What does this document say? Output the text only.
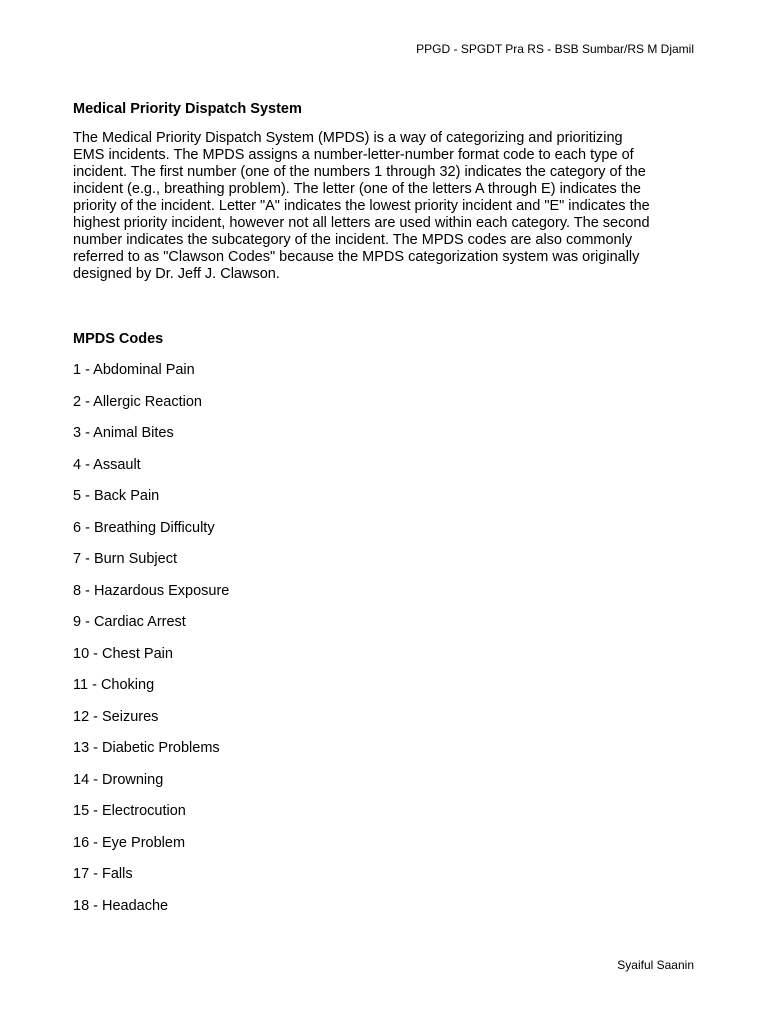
PPGD - SPGDT Pra RS - BSB Sumbar/RS M Djamil
Medical Priority Dispatch System
The Medical Priority Dispatch System (MPDS) is a way of categorizing and prioritizing
EMS incidents. The MPDS assigns a number-letter-number format code to each type of
incident. The first number (one of the numbers 1 through 32) indicates the category of the
incident (e.g., breathing problem). The letter (one of the letters A through E) indicates the
priority of the incident. Letter "A" indicates the lowest priority incident and "E" indicates the
highest priority incident, however not all letters are used within each category. The second
number indicates the subcategory of the incident. The MPDS codes are also commonly
referred to as "Clawson Codes" because the MPDS categorization system was originally
designed by Dr. Jeff J. Clawson.
MPDS Codes
1 - Abdominal Pain
2 - Allergic Reaction
3 - Animal Bites
4 - Assault
5 - Back Pain
6 - Breathing Difficulty
7 - Burn Subject
8 - Hazardous Exposure
9 - Cardiac Arrest
10 - Chest Pain
11 - Choking
12 - Seizures
13 - Diabetic Problems
14 - Drowning
15 - Electrocution
16 - Eye Problem
17 - Falls
18 - Headache
Syaiful Saanin
